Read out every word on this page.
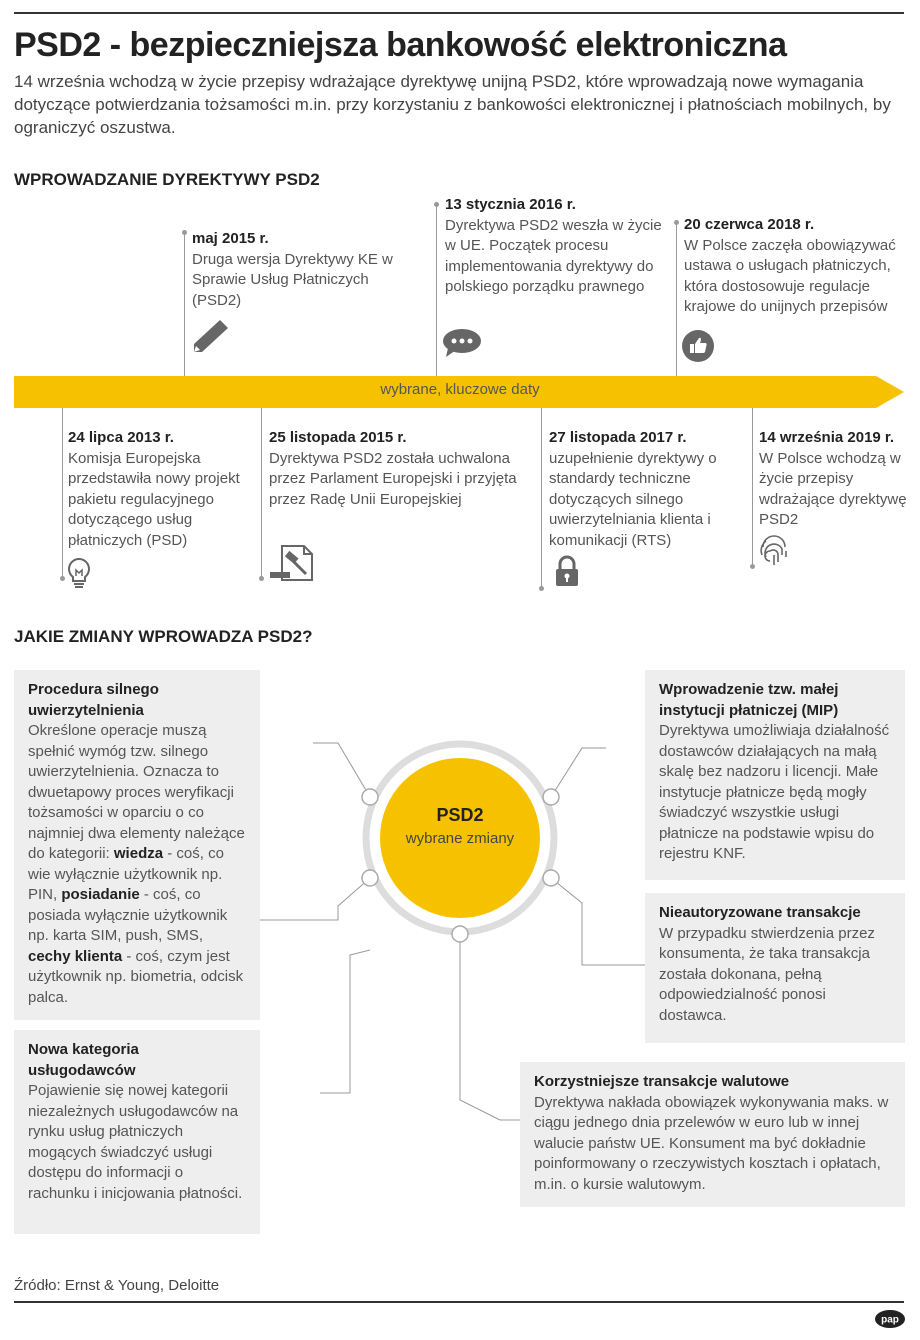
PSD2 - bezpieczniejsza bankowość elektroniczna

14 września wchodzą w życie przepisy wdrażające dyrektywę unijną PSD2, które wprowadzają nowe wymagania dotyczące potwierdzania tożsamości m.in. przy korzystaniu z bankowości elektronicznej i płatnościach mobilnych, by ograniczyć oszustwa.

WPROWADZANIE DYREKTYWY PSD2
wybrane, kluczowe daty
maj 2015 r.
Druga wersja Dyrektywy KE w Sprawie Usług Płatniczych (PSD2)
13 stycznia 2016 r.
Dyrektywa PSD2 weszła w życie w UE. Początek procesu implementowania dyrektywy do polskiego porządku prawnego
20 czerwca 2018 r.
W Polsce zaczęła obowiązywać ustawa o usługach płatniczych, która dostosowuje regulacje krajowe do unijnych przepisów
24 lipca 2013 r.
Komisja Europejska przedstawiła nowy projekt pakietu regulacyjnego dotyczącego usług płatniczych (PSD)
25 listopada 2015 r.
Dyrektywa PSD2 została uchwalona przez Parlament Europejski i przyjęta przez Radę Unii Europejskiej
27 listopada 2017 r.
uzupełnienie dyrektywy o standardy techniczne dotyczących silnego uwierzytelniania klienta i komunikacji (RTS)
14 września 2019 r.
W Polsce wchodzą w życie przepisy wdrażające dyrektywę PSD2
JAKIE ZMIANY WPROWADZA PSD2?
PSD2
wybrane zmiany
Procedura silnego uwierzytelnienia
Określone operacje muszą spełnić wymóg tzw. silnego uwierzytelnienia. Oznacza to dwuetapowy proces weryfikacji tożsamości w oparciu o co najmniej dwa elementy należące do kategorii: wiedza - coś, co wie wyłącznie użytkownik np. PIN, posiadanie - coś, co posiada wyłącznie użytkownik np. karta SIM, push, SMS, cechy klienta - coś, czym jest użytkownik np. biometria, odcisk palca.
Nowa kategoria usługodawców
Pojawienie się nowej kategorii niezależnych usługodawców na rynku usług płatniczych mogących świadczyć usługi dostępu do informacji o rachunku i inicjowania płatności.
Wprowadzenie tzw. małej instytucji płatniczej (MIP)
Dyrektywa umożliwiaja działalność dostawców działających na małą skalę bez nadzoru i licencji. Małe instytucje płatnicze będą mogły świadczyć wszystkie usługi płatnicze na podstawie wpisu do rejestru KNF.
Nieautoryzowane transakcje
W przypadku stwierdzenia przez konsumenta, że taka transakcja została dokonana, pełną odpowiedzialność ponosi dostawca.
Korzystniejsze transakcje walutowe
Dyrektywa nakłada obowiązek wykonywania maks. w ciągu jednego dnia przelewów w euro lub w innej walucie państw UE. Konsument ma być dokładnie poinformowany o rzeczywistych kosztach i opłatach, m.in. o kursie walutowym.
Źródło: Ernst & Young, Deloitte
pap
